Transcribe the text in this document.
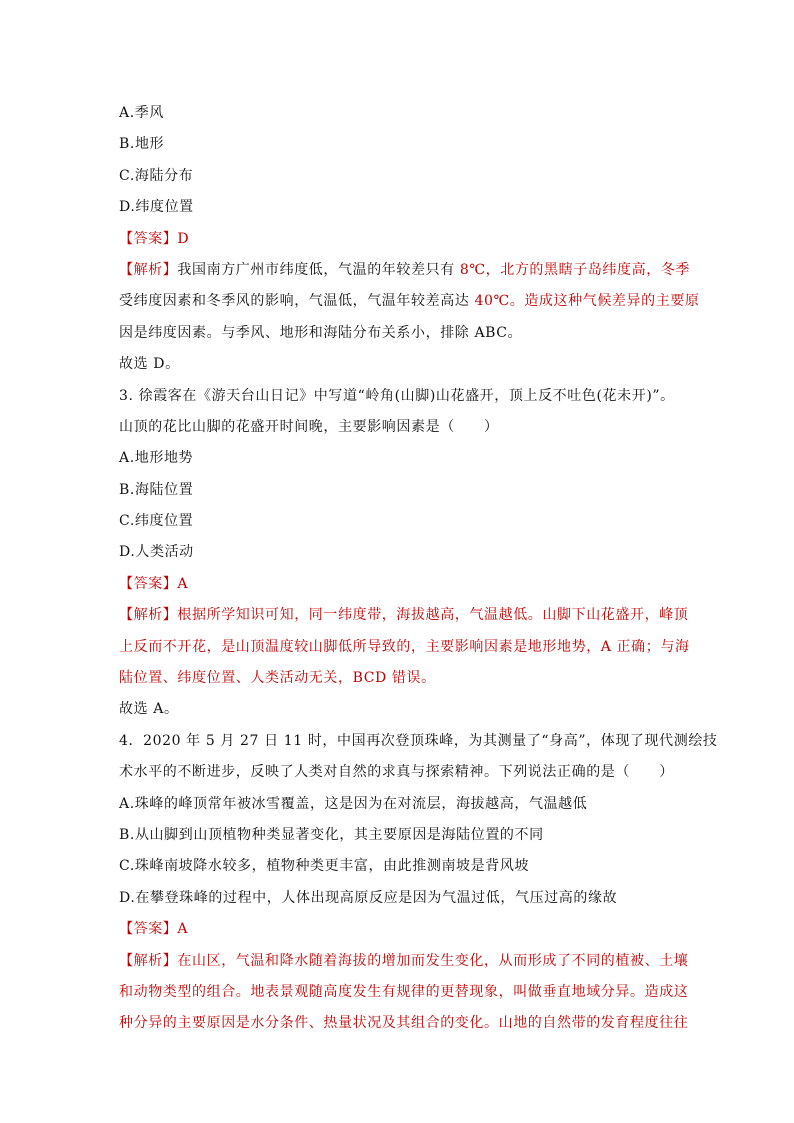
A.季风
B.地形
C.海陆分布
D.纬度位置
【答案】D
【解析】我国南方广州市纬度低，气温的年较差只有 8℃，北方的黑瞎子岛纬度高，冬季
受纬度因素和冬季风的影响，气温低，气温年较差高达 40℃。造成这种气候差异的主要原
因是纬度因素。与季风、地形和海陆分布关系小，排除 ABC。
故选 D。
3. 徐霞客在《游天台山日记》中写道“岭角(山脚)山花盛开，顶上反不吐色(花未开)”。
山顶的花比山脚的花盛开时间晚，主要影响因素是（　　）
A.地形地势
B.海陆位置
C.纬度位置
D.人类活动
【答案】A
【解析】根据所学知识可知，同一纬度带，海拔越高，气温越低。山脚下山花盛开，峰顶
上反而不开花，是山顶温度较山脚低所导致的，主要影响因素是地形地势，A 正确；与海
陆位置、纬度位置、人类活动无关，BCD 错误。
故选 A。
4．2020 年 5 月 27 日 11 时，中国再次登顶珠峰，为其测量了“身高”，体现了现代测绘技
术水平的不断进步，反映了人类对自然的求真与探索精神。下列说法正确的是（　　）
A.珠峰的峰顶常年被冰雪覆盖，这是因为在对流层，海拔越高，气温越低
B.从山脚到山顶植物种类显著变化，其主要原因是海陆位置的不同
C.珠峰南坡降水较多，植物种类更丰富，由此推测南坡是背风坡
D.在攀登珠峰的过程中，人体出现高原反应是因为气温过低，气压过高的缘故
【答案】A
【解析】在山区，气温和降水随着海拔的增加而发生变化，从而形成了不同的植被、土壤
和动物类型的组合。地表景观随高度发生有规律的更替现象，叫做垂直地域分异。造成这
种分异的主要原因是水分条件、热量状况及其组合的变化。山地的自然带的发育程度往往
